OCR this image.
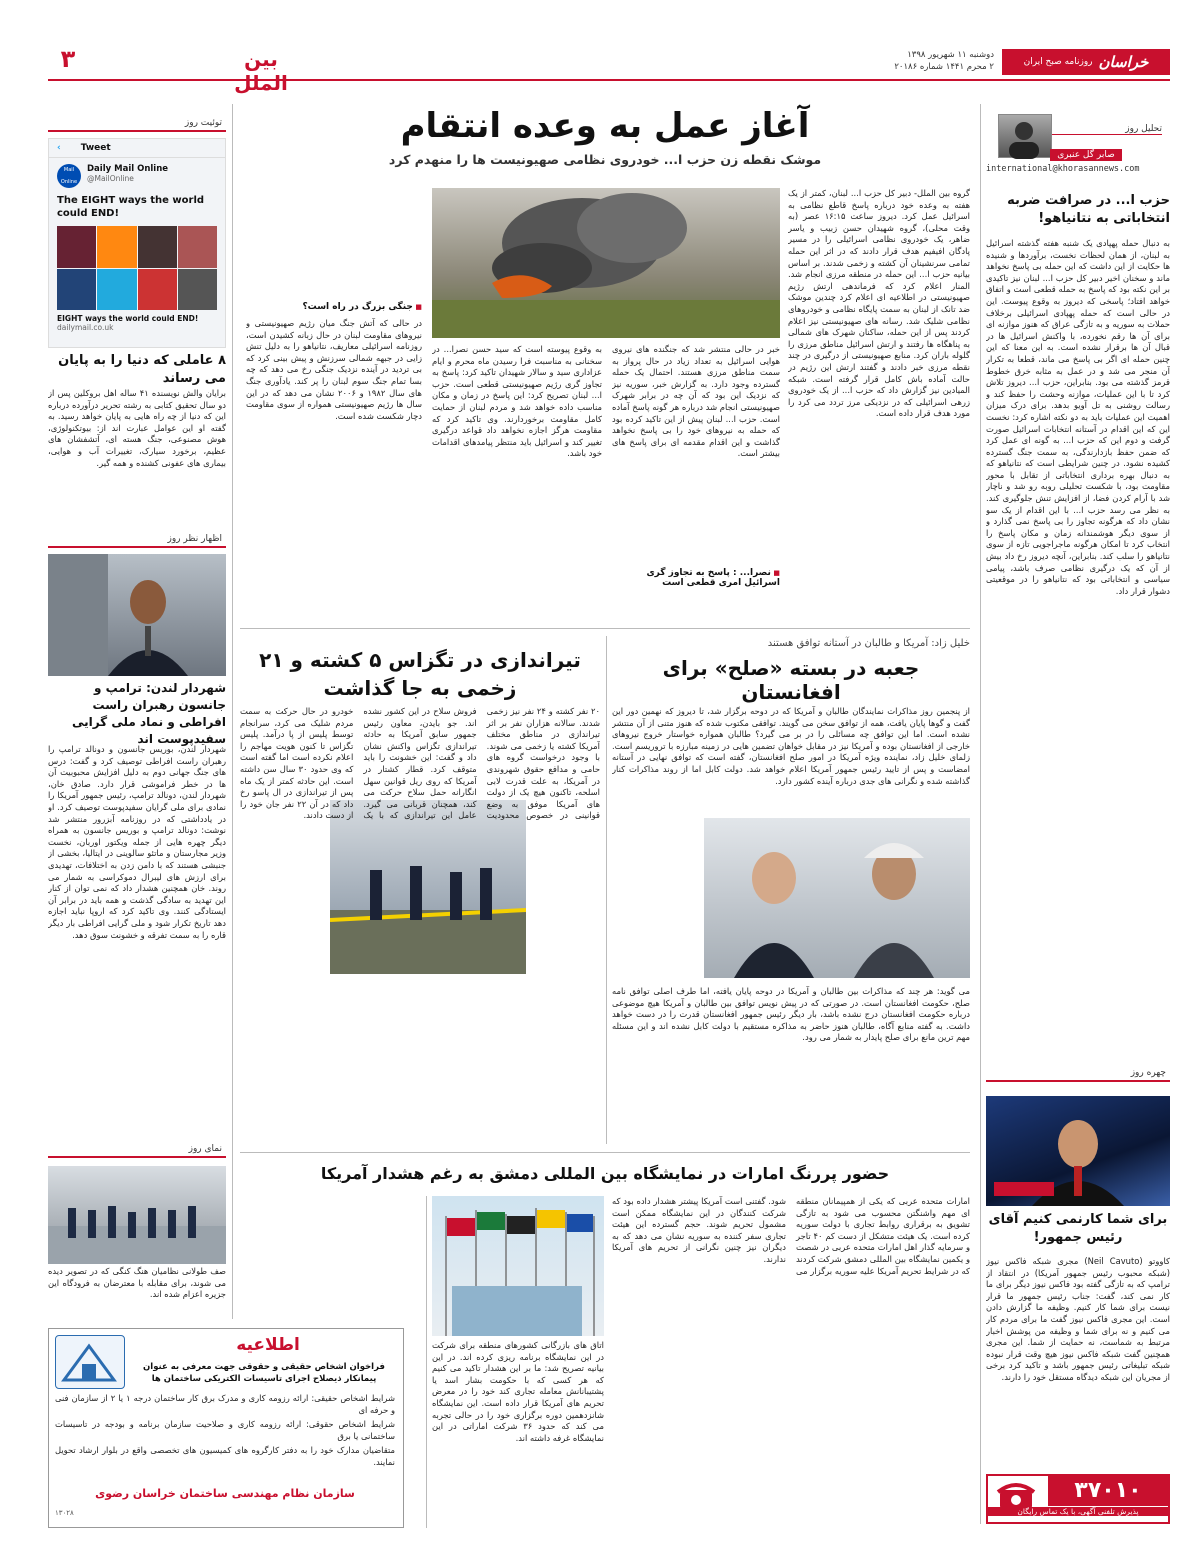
خراسان
روزنامه صبح ایران
دوشنبه ۱۱ شهریور ۱۳۹۸
۲ محرم ۱۴۴۱ شماره ۲۰۱۸۶
بین الملل
۳
تحلیل روز
صابر گل عنبری
international@khorasannews.com
حزب ا... در صرافت ضربه انتخاباتی به نتانیاهو!
به دنبال حمله پهپادی یک شنبه هفته گذشته اسرائیل به لبنان، از همان لحظات نخست، برآوردها و شنیده ها حکایت از این داشت که این حمله بی پاسخ نخواهد ماند و سخنان اخیر دبیر کل حزب ا... لبنان نیز تاکیدی بر این نکته بود که پاسخ به حمله قطعی است و اتفاق خواهد افتاد؛ پاسخی که دیروز به وقوع پیوست. این در حالی است که حمله پهپادی اسرائیلی برخلاف حملات به سوریه و به تازگی عراق که هنوز موازنه ای برای آن ها رقم نخورده، با واکنش اسرائیل ها در قبال آن ها برقرار نشده است. به این معنا که این چنین حمله ای اگر بی پاسخ می ماند، قطعا به تکرار آن منجر می شد و در عمل به مثابه خرق خطوط قرمز گذشته می بود. بنابراین، حزب ا... دیروز تلاش کرد تا با این عملیات، موازنه وحشت را حفظ کند و رسالت روشنی به تل آویو بدهد. برای درک میزان اهمیت این عملیات باید به دو نکته اشاره کرد: نخست این که این اقدام در آستانه انتخابات اسرائیل صورت گرفت و دوم این که حزب ا... به گونه ای عمل کرد که ضمن حفظ بازدارندگی، به سمت جنگ گسترده کشیده نشود. در چنین شرایطی است که نتانیاهو که به دنبال بهره برداری انتخاباتی از تقابل با محور مقاومت بود، با شکست تحلیلی روبه رو شد و ناچار شد با آرام کردن فضا، از افزایش تنش جلوگیری کند. به نظر می رسد حزب ا... با این اقدام از یک سو نشان داد که هرگونه تجاوز را بی پاسخ نمی گذارد و از سوی دیگر هوشمندانه زمان و مکان پاسخ را انتخاب کرد تا امکان هرگونه ماجراجویی تازه از سوی نتانیاهو را سلب کند. بنابراین، آنچه دیروز رخ داد بیش از آن که یک درگیری نظامی صرف باشد، پیامی سیاسی و انتخاباتی بود که نتانیاهو را در موقعیتی دشوار قرار داد.
چهره روز
برای شما کارنمی کنیم آقای رئیس جمهور!
کاووتو (Neil Cavuto) مجری شبکه فاکس نیوز (شبکه محبوب رئیس جمهور آمریکا) در انتقاد از ترامپ که به تازگی گفته بود فاکس نیوز دیگر برای ما کار نمی کند، گفت: جناب رئیس جمهور ما قرار نیست برای شما کار کنیم. وظیفه ما گزارش دادن است. این مجری فاکس نیوز گفت ما برای مردم کار می کنیم و نه برای شما و وظیفه من پوشش اخبار مرتبط به شماست، نه حمایت از شما. این مجری همچنین گفت شبکه فاکس نیوز هیچ وقت قرار نبوده شبکه تبلیغاتی رئیس جمهور باشد و تاکید کرد برخی از مجریان این شبکه دیدگاه مستقل خود را دارند.
۳۷۰۱۰
پذیرش تلفنی آگهی، با یک تماس رایگان
توئیت روز
‹ Tweet
Mail Online
Daily Mail Online
@MailOnline
The EIGHT ways the world could END!
EIGHT ways the world could END!
dailymail.co.uk
۸ عاملی که دنیا را به پایان می رساند
برایان والش نویسنده ۴۱ ساله اهل بروکلین پس از دو سال تحقیق کتابی به رشته تحریر درآورده درباره این که دنیا از چه راه هایی به پایان خواهد رسید. به گفته او این عوامل عبارت اند از: بیوتکنولوژی، هوش مصنوعی، جنگ هسته ای، آتشفشان های عظیم، برخورد سیارک، تغییرات آب و هوایی، بیماری های عفونی کشنده و همه گیر.
اظهار نظر روز
شهردار لندن: ترامپ و جانسون رهبران راست افراطی و نماد ملی گرایی سفیدپوست اند
شهردار لندن، بوریس جانسون و دونالد ترامپ را رهبران راست افراطی توصیف کرد و گفت: درس های جنگ جهانی دوم به دلیل افزایش محبوبیت آن ها در خطر فراموشی قرار دارد. صادق خان، شهردار لندن، دونالد ترامپ، رئیس جمهور آمریکا را نمادی برای ملی گرایان سفیدپوست توصیف کرد. او در یادداشتی که در روزنامه آبزرور منتشر شد نوشت: دونالد ترامپ و بوریس جانسون به همراه دیگر چهره هایی از جمله ویکتور اوربان، نخست وزیر مجارستان و ماتئو سالوینی در ایتالیا، بخشی از جنبشی هستند که با دامن زدن به اختلافات، تهدیدی برای ارزش های لیبرال دموکراسی به شمار می روند. خان همچنین هشدار داد که نمی توان از کنار این تهدید به سادگی گذشت و همه باید در برابر آن ایستادگی کنند. وی تاکید کرد که اروپا نباید اجازه دهد تاریخ تکرار شود و ملی گرایی افراطی بار دیگر قاره را به سمت تفرقه و خشونت سوق دهد.
نمای روز
صف طولانی نظامیان هنگ کنگی که در تصویر دیده می شوند، برای مقابله با معترضان به فرودگاه این جزیره اعزام شده اند.
اطلاعیه
فراخوان اشخاص حقیقی و حقوقی جهت معرفی به عنوان پیمانکار ذیصلاح اجرای تاسیسات الکتریکی ساختمان ها
شرایط اشخاص حقیقی: ارائه رزومه کاری و مدرک برق کار ساختمان درجه ۱ یا ۲ از سازمان فنی و حرفه ای
شرایط اشخاص حقوقی: ارائه رزومه کاری و صلاحیت سازمان برنامه و بودجه در تاسیسات ساختمانی یا برق
متقاضیان مدارک خود را به دفتر کارگروه های کمیسیون های تخصصی واقع در بلوار ارشاد تحویل نمایند.
سازمان نظام مهندسی ساختمان خراسان رضوی
۱۳۰۲۸
آغاز عمل به وعده انتقام
موشک نقطه زن حزب ا... خودروی نظامی صهیونیست ها را منهدم کرد
گروه بین الملل- دبیر کل حزب ا... لبنان، کمتر از یک هفته به وعده خود درباره پاسخ قاطع نظامی به اسرائیل عمل کرد. دیروز ساعت ۱۶:۱۵ عصر (به وقت محلی)، گروه شهیدان حسن زبیب و یاسر ضاهر، یک خودروی نظامی اسرائیلی را در مسیر پادگان افیفیم هدف قرار دادند که در اثر این حمله تمامی سرنشینان آن کشته و زخمی شدند. بر اساس بیانیه حزب ا... این حمله در منطقه مرزی انجام شد. المنار اعلام کرد که فرماندهی ارتش رژیم صهیونیستی در اطلاعیه ای اعلام کرد چندین موشک ضد تانک از لبنان به سمت پایگاه نظامی و خودروهای نظامی شلیک شد. رسانه های صهیونیستی نیز اعلام کردند پس از این حمله، ساکنان شهرک های شمالی به پناهگاه ها رفتند و ارتش اسرائیل مناطق مرزی را گلوله باران کرد. منابع صهیونیستی از درگیری در چند نقطه مرزی خبر دادند و گفتند ارتش این رژیم در حالت آماده باش کامل قرار گرفته است. شبکه المیادین نیز گزارش داد که حزب ا... از یک خودروی زرهی اسرائیلی که در نزدیکی مرز تردد می کرد را مورد هدف قرار داده است.
خبر در حالی منتشر شد که جنگنده های نیروی هوایی اسرائیل به تعداد زیاد در حال پرواز به سمت مناطق مرزی هستند. احتمال یک حمله گسترده وجود دارد. به گزارش خبر، سوریه نیز که نزدیک این بود که آن چه در برابر شهرک صهیونیستی انجام شد درباره هر گونه پاسخ آماده است. حزب ا... لبنان پیش از این تاکید کرده بود که حمله به نیروهای خود را بی پاسخ نخواهد گذاشت و این اقدام مقدمه ای برای پاسخ های بیشتر است.
■ نصرا... : پاسخ به تجاوز گری اسرائیل امری قطعی است
به وقوع پیوسته است که سید حسن نصرا... در سخنانی به مناسبت فرا رسیدن ماه محرم و ایام عزاداری سید و سالار شهیدان تاکید کرد: پاسخ به تجاوز گری رژیم صهیونیستی قطعی است. حزب ا... لبنان تصریح کرد: این پاسخ در زمان و مکان مناسب داده خواهد شد و مردم لبنان از حمایت کامل مقاومت برخوردارند. وی تاکید کرد که مقاومت هرگز اجازه نخواهد داد قواعد درگیری تغییر کند و اسرائیل باید منتظر پیامدهای اقدامات خود باشد.
■ جنگی بزرگ در راه است؟
در حالی که آتش جنگ میان رژیم صهیونیستی و نیروهای مقاومت لبنان در حال زبانه کشیدن است، روزنامه اسرائیلی معاریف، نتانیاهو را به دلیل تنش زایی در جبهه شمالی سرزنش و پیش بینی کرد که بی تردید در آینده نزدیک جنگی رخ می دهد که چه بسا تمام جنگ سوم لبنان را پر کند. یادآوری جنگ های سال ۱۹۸۲ و ۲۰۰۶ نشان می دهد که در این سال ها رژیم صهیونیستی همواره از سوی مقاومت دچار شکست شده است.
خلیل زاد: آمریکا و طالبان در آستانه توافق هستند
جعبه در بسته «صلح» برای افغانستان
از پنجمین روز مذاکرات نمایندگان طالبان و آمریکا که در دوحه برگزار شد، تا دیروز که نهمین دور این گفت و گوها پایان یافت، همه از توافق سخن می گویند. توافقی مکتوب شده که هنوز متنی از آن منتشر نشده است. اما این توافق چه مسائلی را در بر می گیرد؟ طالبان همواره خواستار خروج نیروهای خارجی از افغانستان بوده و آمریکا نیز در مقابل خواهان تضمین هایی در زمینه مبارزه با تروریسم است. زلمای خلیل زاد، نماینده ویژه آمریکا در امور صلح افغانستان، گفته است که توافق نهایی در آستانه امضاست و پس از تایید رئیس جمهور آمریکا اعلام خواهد شد. دولت کابل اما از روند مذاکرات کنار گذاشته شده و نگرانی های جدی درباره آینده کشور دارد.
می گوید: هر چند که مذاکرات بین طالبان و آمریکا در دوحه پایان یافته، اما طرف اصلی توافق نامه صلح، حکومت افغانستان است. در صورتی که در پیش نویس توافق بین طالبان و آمریکا هیچ موضوعی درباره حکومت افغانستان درج نشده باشد، بار دیگر رئیس جمهور افغانستان قدرت را در دست خواهد داشت. به گفته منابع آگاه، طالبان هنوز حاضر به مذاکره مستقیم با دولت کابل نشده اند و این مسئله مهم ترین مانع برای صلح پایدار به شمار می رود.
تیراندازی در تگزاس ۵ کشته و ۲۱ زخمی به جا گذاشت
۲۰ نفر کشته و ۲۴ نفر نیز زخمی شدند. سالانه هزاران نفر بر اثر تیراندازی در مناطق مختلف آمریکا کشته یا زخمی می شوند. با وجود درخواست گروه های حامی و مدافع حقوق شهروندی در آمریکا، به علت قدرت لابی اسلحه، تاکنون هیچ یک از دولت های آمریکا موفق به وضع قوانینی در خصوص محدودیت فروش سلاح در این کشور نشده اند. جو بایدن، معاون رئیس جمهور سابق آمریکا به حادثه تیراندازی تگزاس واکنش نشان داد و گفت: این خشونت را باید متوقف کرد. قطار کشتار در آمریکا که روی ریل قوانین سهل انگارانه حمل سلاح حرکت می کند، همچنان قربانی می گیرد. عامل این تیراندازی که با یک خودرو در حال حرکت به سمت مردم شلیک می کرد، سرانجام توسط پلیس از پا درآمد. پلیس تگزاس تا کنون هویت مهاجم را اعلام نکرده است اما گفته است که وی حدود ۳۰ سال سن داشته است. این حادثه کمتر از یک ماه پس از تیراندازی در ال پاسو رخ داد که در آن ۲۲ نفر جان خود را از دست دادند.
حضور پررنگ امارات در نمایشگاه بین المللی دمشق به رغم هشدار آمریکا
امارات متحده عربی که یکی از همپیمانان منطقه ای مهم واشنگتن محسوب می شود به تازگی تشویق به برقراری روابط تجاری با دولت سوریه کرده است. یک هیئت متشکل از دست کم ۴۰ تاجر و سرمایه گذار اهل امارات متحده عربی در شصت و یکمین نمایشگاه بین المللی دمشق شرکت کردند که در شرایط تحریم آمریکا علیه سوریه برگزار می شود. گفتنی است آمریکا پیشتر هشدار داده بود که شرکت کنندگان در این نمایشگاه ممکن است مشمول تحریم شوند. حجم گسترده این هیئت تجاری سفر کننده به سوریه نشان می دهد که به دیگران نیز چنین نگرانی از تحریم های آمریکا ندارند.
اتاق های بازرگانی کشورهای منطقه برای شرکت در این نمایشگاه برنامه ریزی کرده اند. در این بیانیه تصریح شد: ما بر این هشدار تاکید می کنیم که هر کسی که با حکومت بشار اسد یا پشتیبانانش معامله تجاری کند خود را در معرض تحریم های آمریکا قرار داده است. این نمایشگاه شانزدهمین دوره برگزاری خود را در حالی تجربه می کند که حدود ۳۶ شرکت اماراتی در این نمایشگاه غرفه داشته اند.
